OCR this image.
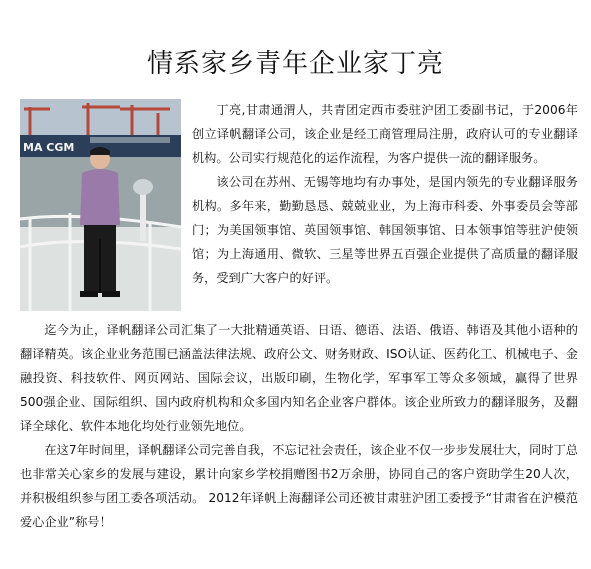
情系家乡青年企业家丁亮
MA CGM

丁亮,甘肃通渭人，共青团定西市委驻沪团工委副书记，于2006年创立译帆翻译公司，该企业是经工商管理局注册，政府认可的专业翻译机构。公司实行规范化的运作流程，为客户提供一流的翻译服务。

该公司在苏州、无锡等地均有办事处，是国内领先的专业翻译服务机构。多年来，勤勤恳恳、兢兢业业，为上海市科委、外事委员会等部门；为美国领事馆、英国领事馆、韩国领事馆、日本领事馆等驻沪使领馆；为上海通用、微软、三星等世界五百强企业提供了高质量的翻译服务，受到广大客户的好评。

迄今为止，译帆翻译公司汇集了一大批精通英语、日语、德语、法语、俄语、韩语及其他小语种的翻译精英。该企业业务范围已涵盖法律法规、政府公文、财务财政、ISO认证、医药化工、机械电子、金融投资、科技软件、网页网站、国际会议，出版印刷，生物化学，军事军工等众多领域，赢得了世界500强企业、国际组织、国内政府机构和众多国内知名企业客户群体。该企业所致力的翻译服务，及翻译全球化、软件本地化均处行业领先地位。

在这7年时间里，译帆翻译公司完善自我，不忘记社会责任，该企业不仅一步步发展壮大，同时丁总也非常关心家乡的发展与建设，累计向家乡学校捐赠图书2万余册，协同自己的客户资助学生20人次，并积极组织参与团工委各项活动。 2012年译帆上海翻译公司还被甘肃驻沪团工委授予“甘肃省在沪模范爱心企业”称号！
